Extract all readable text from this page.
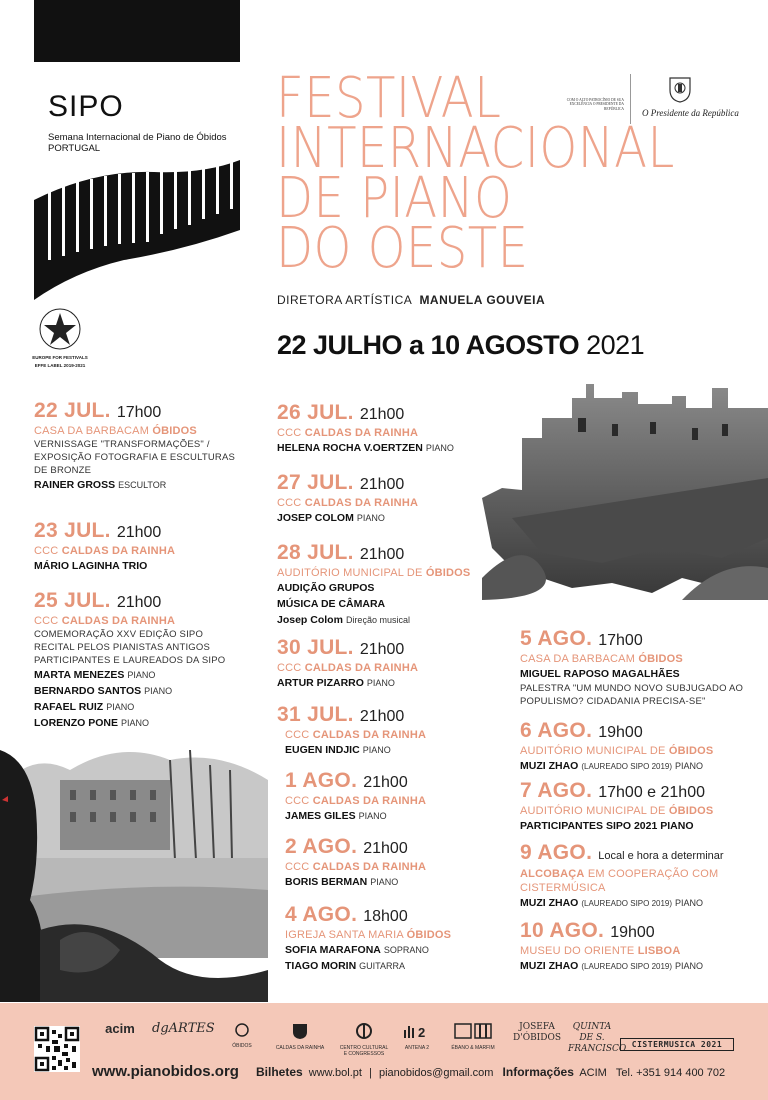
SIPO
Semana Internacional de Piano de Óbidos
PORTUGAL
EUROPE FOR FESTIVALS
EFFE LABEL 2019-2021
COM O ALTO PATROCÍNIO DE SUA EXCELÊNCIA O PRESIDENTE DA REPÚBLICA O Presidente da República
FESTIVAL
INTERNACIONAL
DE PIANO
DO OESTE
DIRETORA ARTÍSTICA MANUELA GOUVEIA
22 JULHO a 10 AGOSTO 2021
22 JUL. 17h00
CASA DA BARBACAM ÓBIDOS
VERNISSAGE "TRANSFORMAÇÕES" / EXPOSIÇÃO FOTOGRAFIA E ESCULTURAS DE BRONZE
RAINER GROSS ESCULTOR
23 JUL. 21h00
CCC CALDAS DA RAINHA
MÁRIO LAGINHA TRIO
25 JUL. 21h00
CCC CALDAS DA RAINHA
COMEMORAÇÃO XXV EDIÇÃO SIPO RECITAL PELOS PIANISTAS ANTIGOS PARTICIPANTES E LAUREADOS DA SIPO
MARTA MENEZES PIANO
BERNARDO SANTOS PIANO
RAFAEL RUIZ PIANO
LORENZO PONE PIANO
26 JUL. 21h00
CCC CALDAS DA RAINHA
HELENA ROCHA V.OERTZEN PIANO
27 JUL. 21h00
CCC CALDAS DA RAINHA
JOSEP COLOM PIANO
28 JUL. 21h00
AUDITÓRIO MUNICIPAL DE ÓBIDOS
AUDIÇÃO GRUPOS
MÚSICA DE CÂMARA
Josep Colom Direção musical
30 JUL. 21h00
CCC CALDAS DA RAINHA
ARTUR PIZARRO PIANO
31 JUL. 21h00
CCC CALDAS DA RAINHA
EUGEN INDJIC PIANO
1 AGO. 21h00
CCC CALDAS DA RAINHA
JAMES GILES PIANO
2 AGO. 21h00
CCC CALDAS DA RAINHA
BORIS BERMAN PIANO
4 AGO. 18h00
IGREJA SANTA MARIA ÓBIDOS
SOFIA MARAFONA SOPRANO
TIAGO MORIN GUITARRA
5 AGO. 17h00
CASA DA BARBACAM ÓBIDOS
MIGUEL RAPOSO MAGALHÃES
PALESTRA "UM MUNDO NOVO SUBJUGADO AO POPULISMO? CIDADANIA PRECISA-SE"
6 AGO. 19h00
AUDITÓRIO MUNICIPAL DE ÓBIDOS
MUZI ZHAO (LAUREADO SIPO 2019) PIANO
7 AGO. 17h00 e 21h00
AUDITÓRIO MUNICIPAL DE ÓBIDOS
PARTICIPANTES SIPO 2021 PIANO
9 AGO. Local e hora a determinar
ALCOBAÇA EM COOPERAÇÃO COM CISTERMÚSICA
MUZI ZHAO (LAUREADO SIPO 2019) PIANO
10 AGO. 19h00
MUSEU DO ORIENTE LISBOA
MUZI ZHAO (LAUREADO SIPO 2019) PIANO
acim	dgARTES
ÓBIDOS	CALDAS DA RAINHA	CENTRO CULTURAL E CONGRESSOS
2
ANTENA 2	ÉBANO & MARFIM
JOSEFA D'ÓBIDOS
QUINTA DE S. FRANCISCO CISTERMUSICA 2021
www.pianobidos.org Bilhetes www.bol.pt | pianobidos@gmail.com Informações ACIM Tel. +351 914 400 702
